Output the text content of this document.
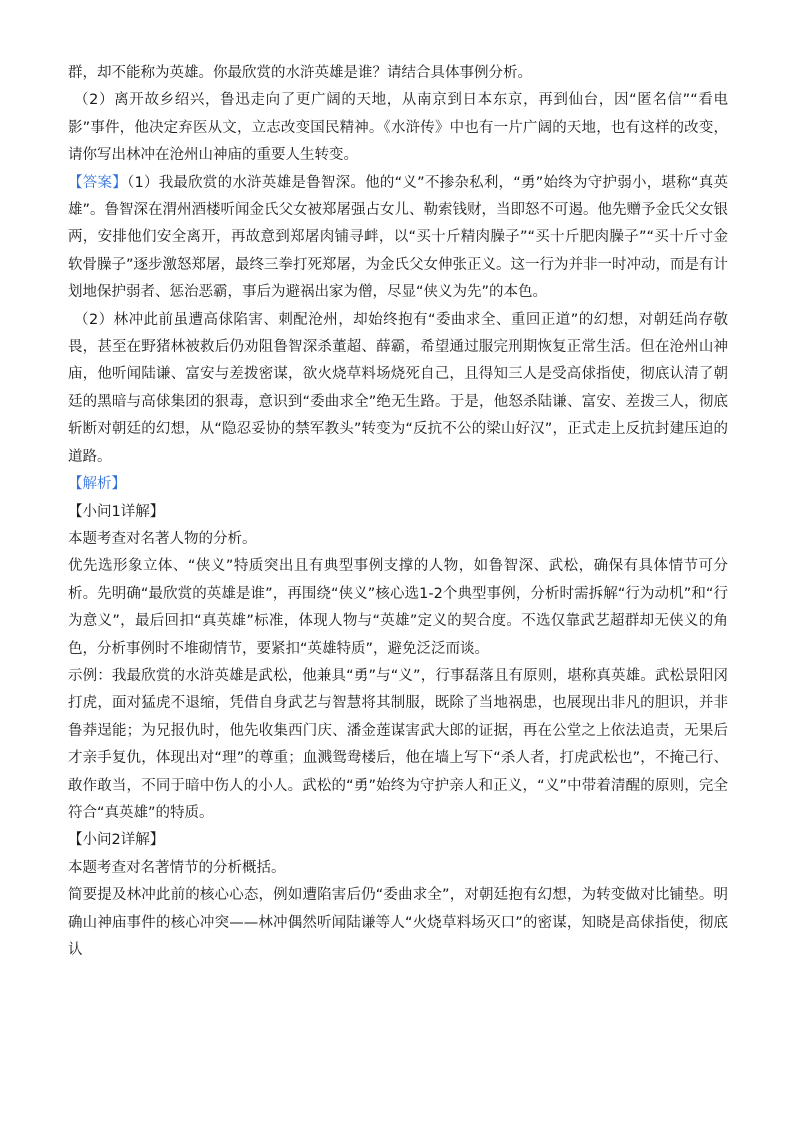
群，却不能称为英雄。你最欣赏的水浒英雄是谁？请结合具体事例分析。

（2）离开故乡绍兴，鲁迅走向了更广阔的天地，从南京到日本东京，再到仙台，因“匿名信”“看电影”事件，他决定弃医从文，立志改变国民精神。《水浒传》中也有一片广阔的天地，也有这样的改变，请你写出林冲在沧州山神庙的重要人生转变。

【答案】（1）我最欣赏的水浒英雄是鲁智深。他的“义”不掺杂私利，“勇”始终为守护弱小，堪称“真英雄”。鲁智深在渭州酒楼听闻金氏父女被郑屠强占女儿、勒索钱财，当即怒不可遏。他先赠予金氏父女银两，安排他们安全离开，再故意到郑屠肉铺寻衅，以“买十斤精肉臊子”“买十斤肥肉臊子”“买十斤寸金软骨臊子”逐步激怒郑屠，最终三拳打死郑屠，为金氏父女伸张正义。这一行为并非一时冲动，而是有计划地保护弱者、惩治恶霸，事后为避祸出家为僧，尽显“侠义为先”的本色。

（2）林冲此前虽遭高俅陷害、刺配沧州，却始终抱有“委曲求全、重回正道”的幻想，对朝廷尚存敬畏，甚至在野猪林被救后仍劝阻鲁智深杀董超、薛霸，希望通过服完刑期恢复正常生活。但在沧州山神庙，他听闻陆谦、富安与差拨密谋，欲火烧草料场烧死自己，且得知三人是受高俅指使，彻底认清了朝廷的黑暗与高俅集团的狠毒，意识到“委曲求全”绝无生路。于是，他怒杀陆谦、富安、差拨三人，彻底斩断对朝廷的幻想，从“隐忍妥协的禁军教头”转变为“反抗不公的梁山好汉”，正式走上反抗封建压迫的道路。

【解析】

【小问1详解】

本题考查对名著人物的分析。

优先选形象立体、“侠义”特质突出且有典型事例支撑的人物，如鲁智深、武松，确保有具体情节可分析。先明确“最欣赏的英雄是谁”，再围绕“侠义”核心选1-2个典型事例，分析时需拆解“行为动机”和“行为意义”，最后回扣“真英雄”标准，体现人物与“英雄”定义的契合度。不选仅靠武艺超群却无侠义的角色，分析事例时不堆砌情节，要紧扣“英雄特质”，避免泛泛而谈。

示例：我最欣赏的水浒英雄是武松，他兼具“勇”与“义”，行事磊落且有原则，堪称真英雄。武松景阳冈打虎，面对猛虎不退缩，凭借自身武艺与智慧将其制服，既除了当地祸患，也展现出非凡的胆识，并非鲁莽逞能；为兄报仇时，他先收集西门庆、潘金莲谋害武大郎的证据，再在公堂之上依法追责，无果后才亲手复仇，体现出对“理”的尊重；血溅鸳鸯楼后，他在墙上写下“杀人者，打虎武松也”，不掩己行、敢作敢当，不同于暗中伤人的小人。武松的“勇”始终为守护亲人和正义，“义”中带着清醒的原则，完全符合“真英雄”的特质。

【小问2详解】

本题考查对名著情节的分析概括。

简要提及林冲此前的核心心态，例如遭陷害后仍“委曲求全”，对朝廷抱有幻想，为转变做对比铺垫。明确山神庙事件的核心冲突——林冲偶然听闻陆谦等人“火烧草料场灭口”的密谋，知晓是高俅指使，彻底认
